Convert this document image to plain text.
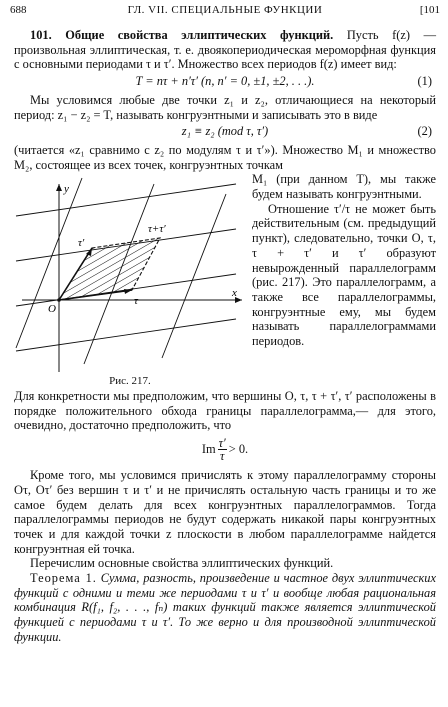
688	ГЛ. VII. СПЕЦИАЛЬНЫЕ ФУНКЦИИ	[101

101. Общие свойства эллиптических функций. Пусть f(z) — произвольная эллиптическая, т. е. двоякопериодическая мероморфная функция с основными периодами τ и τ′. Множество всех периодов f(z) имеет вид:

T = nτ + n′τ′ (n, n′ = 0, ±1, ±2, . . .).	(1)

Мы условимся любые две точки z₁ и z₂, отличающиеся на некоторый период: z₁ − z₂ = T, называть конгруэнтными и записывать это в виде

z₁ ≡ z₂ (mod τ, τ′)	(2)

(читается «z₁ сравнимо с z₂ по модулям τ и τ′»). Множество M₁ и множество M₂, состоящее из всех точек, конгруэнтных точкам

x
y
O
τ
τ′
τ+τ′
Рис. 217.

M₁ (при данном T), мы также будем называть конгруэнтными.

Отношение τ′/τ не может быть действительным (см. предыдущий пункт), следовательно, точки O, τ, τ + τ′ и τ′ образуют невырожденный параллелограмм (рис. 217). Это параллелограмм, а также все параллелограммы, конгруэнтные ему, мы будем называть параллелограммами периодов.

Для конкретности мы предположим, что вершины O, τ, τ + τ′, τ′ расположены в порядке положительного обхода границы параллелограмма,— для этого, очевидно, достаточно предположить, что

Im $\frac{\tau'}{\tau} > 0$.

Кроме того, мы условимся причислять к этому параллелограмму стороны Oτ, Oτ′ без вершин τ и τ′ и не причислять остальную часть границы и то же самое будем делать для всех конгруэнтных параллелограммов. Тогда параллелограммы периодов не будут содержать никакой пары конгруэнтных точек и для каждой точки z плоскости в любом параллелограмме найдется конгруэнтная ей точка.

Перечислим основные свойства эллиптических функций.

Теорема 1. Сумма, разность, произведение и частное двух эллиптических функций с одними и теми же периодами τ и τ′ и вообще любая рациональная комбинация R(f₁, f₂, . . ., fₙ) таких функций также является эллиптической функцией с периодами τ и τ′. То же верно и для производной эллиптической функции.
